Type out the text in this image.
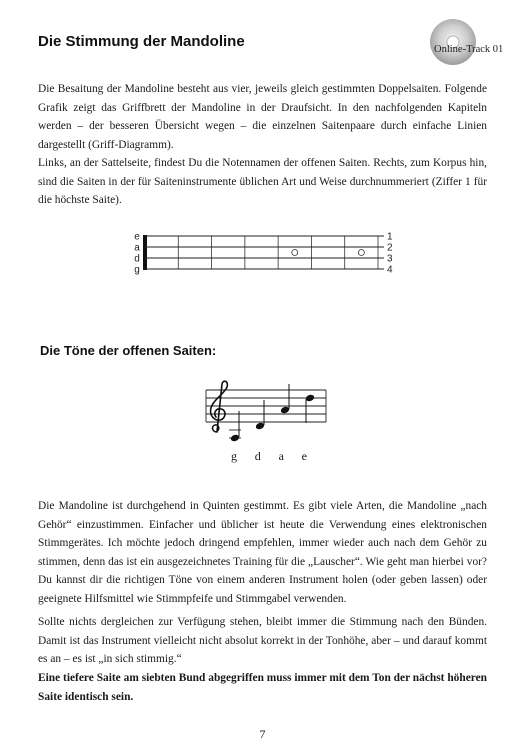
Die Stimmung der Mandoline	Online-Track 01

Die Besaitung der Mandoline besteht aus vier, jeweils gleich gestimmten Doppelsaiten. Folgende Grafik zeigt das Griffbrett der Mandoline in der Draufsicht. In den nachfolgenden Kapiteln werden – der besseren Übersicht wegen – die einzelnen Saitenpaare durch einfache Linien dargestellt (Griff-Diagramm).

Links, an der Sattelseite, findest Du die Notennamen der offenen Saiten. Rechts, zum Korpus hin, sind die Saiten in der für Saiteninstrumente üblichen Art und Weise durchnummeriert (Ziffer 1 für die höchste Saite).

e
a
d
g
1
2
3
4
Die Töne der offenen Saiten:
g d a e

Die Mandoline ist durchgehend in Quinten gestimmt. Es gibt viele Arten, die Mandoline „nach Gehör“ einzustimmen. Einfacher und üblicher ist heute die Verwendung eines elektronischen Stimmgerätes. Ich möchte jedoch dringend empfehlen, immer wieder auch nach dem Gehör zu stimmen, denn das ist ein ausgezeichnetes Training für die „Lauscher“. Wie geht man hierbei vor? Du kannst dir die richtigen Töne von einem anderen Instrument holen (oder geben lassen) oder geeignete Hilfsmittel wie Stimmpfeife und Stimmgabel verwenden.

Sollte nichts dergleichen zur Verfügung stehen, bleibt immer die Stimmung nach den Bünden. Damit ist das Instrument vielleicht nicht absolut korrekt in der Tonhöhe, aber – und darauf kommt es an – es ist „in sich stimmig.“

Eine tiefere Saite am siebten Bund abgegriffen muss immer mit dem Ton der nächst höheren Saite identisch sein.

7
